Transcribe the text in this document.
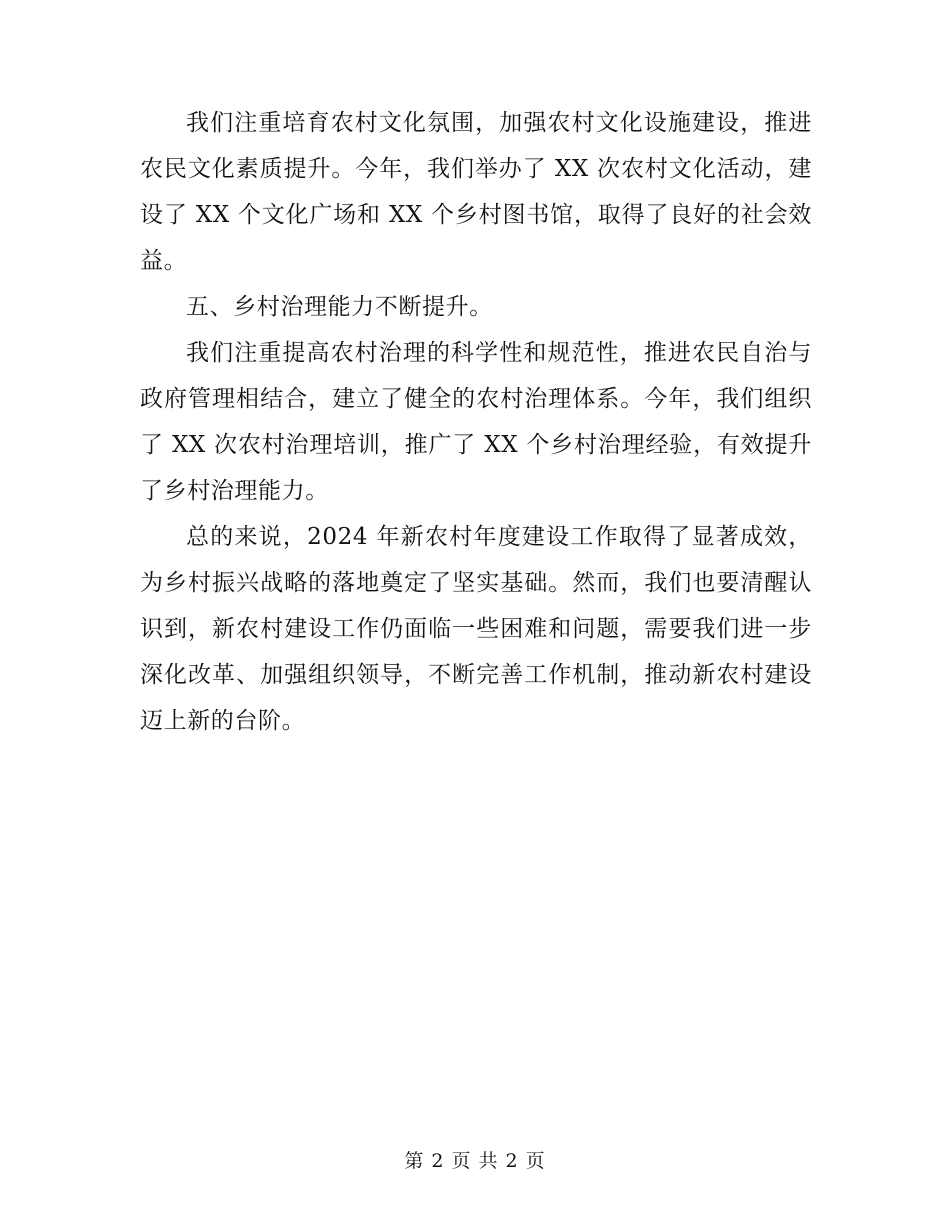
我们注重培育农村文化氛围，加强农村文化设施建设，推进农民文化素质提升。今年，我们举办了 XX 次农村文化活动，建设了 XX 个文化广场和 XX 个乡村图书馆，取得了良好的社会效益。

五、乡村治理能力不断提升。

我们注重提高农村治理的科学性和规范性，推进农民自治与政府管理相结合，建立了健全的农村治理体系。今年，我们组织了 XX 次农村治理培训，推广了 XX 个乡村治理经验，有效提升了乡村治理能力。

总的来说，2024 年新农村年度建设工作取得了显著成效，为乡村振兴战略的落地奠定了坚实基础。然而，我们也要清醒认识到，新农村建设工作仍面临一些困难和问题，需要我们进一步深化改革、加强组织领导，不断完善工作机制，推动新农村建设迈上新的台阶。

第 2 页 共 2 页
